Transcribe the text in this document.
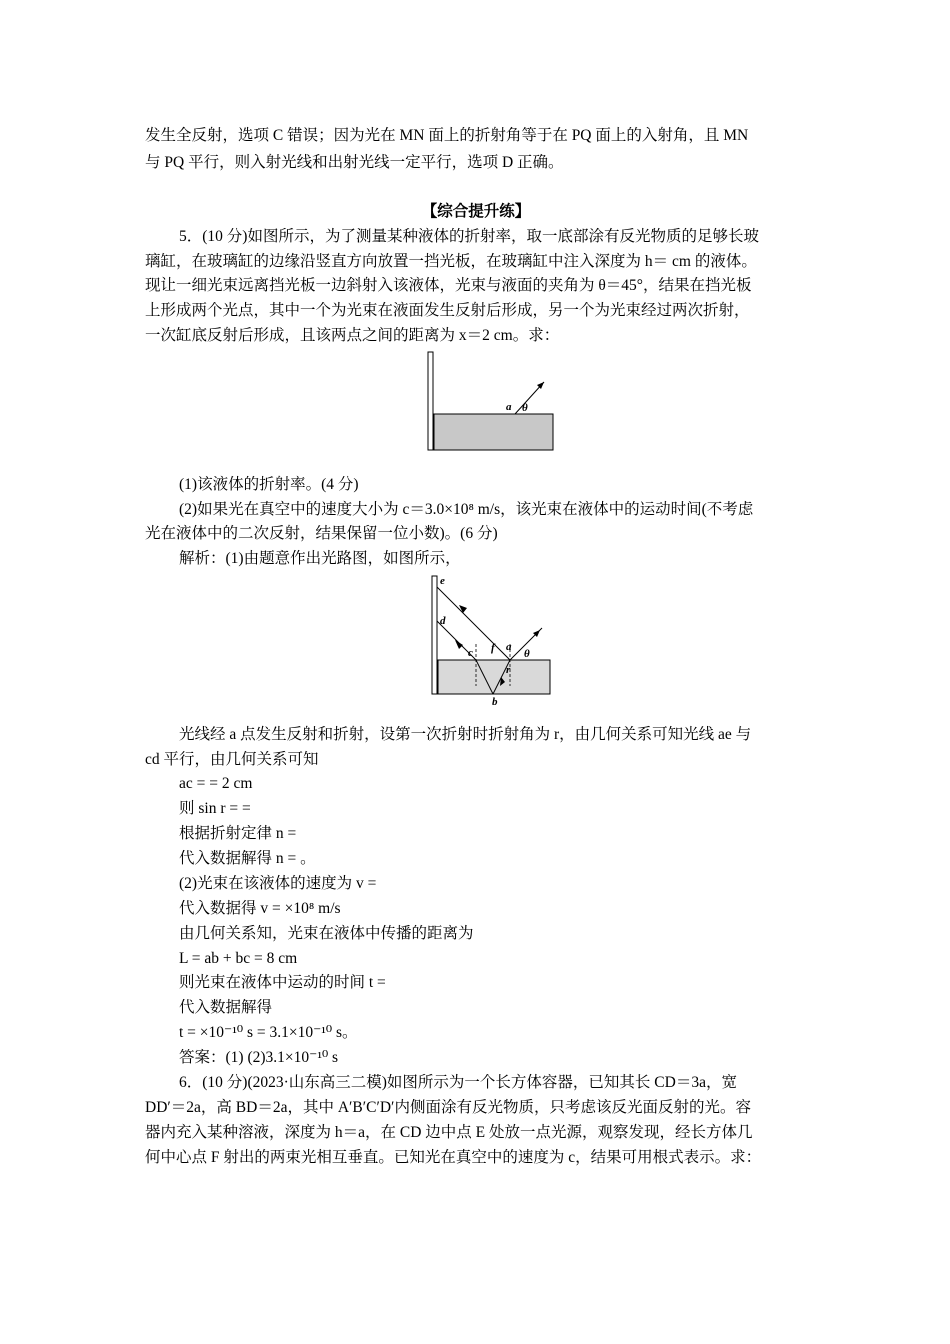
发生全反射，选项 C 错误；因为光在 MN 面上的折射角等于在 PQ 面上的入射角，且 MN
与 PQ 平行，则入射光线和出射光线一定平行，选项 D 正确。
【综合提升练】
5．(10 分)如图所示，为了测量某种液体的折射率，取一底部涂有反光物质的足够长玻
璃缸，在玻璃缸的边缘沿竖直方向放置一挡光板，在玻璃缸中注入深度为 h＝ cm 的液体。
现让一细光束远离挡光板一边斜射入该液体，光束与液面的夹角为 θ＝45°，结果在挡光板
上形成两个光点，其中一个为光束在液面发生反射后形成，另一个为光束经过两次折射，
一次缸底反射后形成，且该两点之间的距离为 x＝2 cm。求：
(1)该液体的折射率。(4 分)
(2)如果光在真空中的速度大小为 c＝3.0×10⁸ m/s，该光束在液体中的运动时间(不考虑
光在液体中的二次反射，结果保留一位小数)。(6 分)
解析：(1)由题意作出光路图，如图所示，
光线经 a 点发生反射和折射，设第一次折射时折射角为 r，由几何关系可知光线 ae 与
cd 平行，由几何关系可知
ac = = 2 cm
则 sin r = =
根据折射定律 n =
代入数据解得 n = 。
(2)光束在该液体的速度为 v =
代入数据得 v = ×10⁸ m/s
由几何关系知，光束在液体中传播的距离为
L = ab + bc = 8 cm
则光束在液体中运动的时间 t =
代入数据解得
t = ×10⁻¹⁰ s = 3.1×10⁻¹⁰ s。
答案：(1) (2)3.1×10⁻¹⁰ s
6．(10 分)(2023·山东高三二模)如图所示为一个长方体容器，已知其长 CD＝3a，宽
DD′＝2a，高 BD＝2a，其中 A′B′C′D′内侧面涂有反光物质，只考虑该反光面反射的光。容
器内充入某种溶液，深度为 h＝a，在 CD 边中点 E 处放一点光源，观察发现，经长方体几
何中心点 F 射出的两束光相互垂直。已知光在真空中的速度为 c，结果可用根式表示。求：
a θ
e
d
c f a
θ
r
b
